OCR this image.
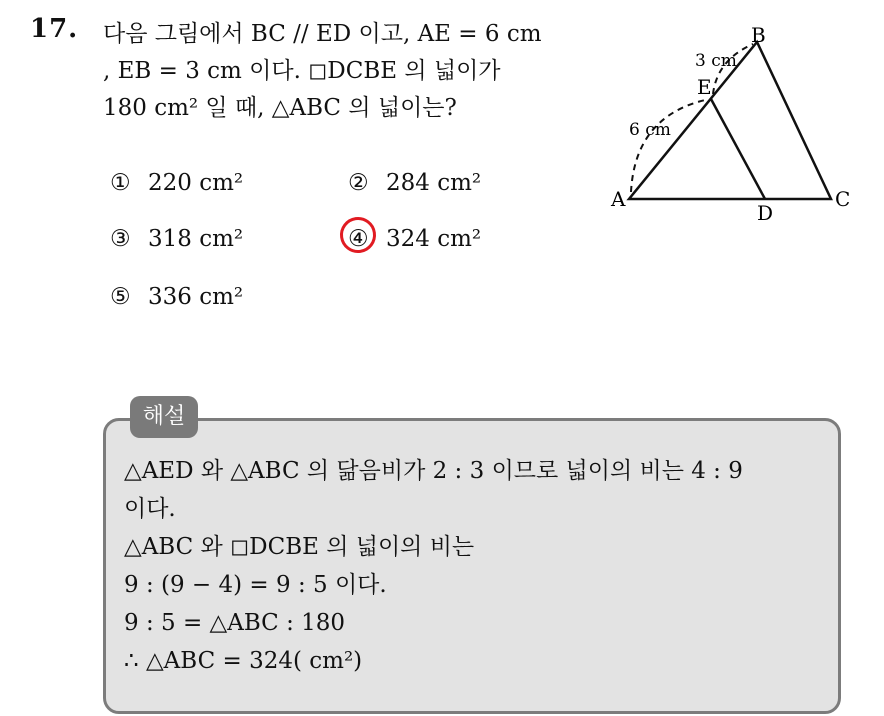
17. 다음 그림에서 BC // ED 이고, AE = 6 cm
, EB = 3 cm 이다. ◻DCBE 의 넓이가
180 cm² 일 때, △ABC 의 넓이는?
① 220 cm²	② 284 cm²
③ 318 cm²	④ 324 cm²
⑤ 336 cm²
A
B
C
D
E
3 cm
6 cm
해설
△AED 와 △ABC 의 닮음비가 2 : 3 이므로 넓이의 비는 4 : 9
이다.
△ABC 와 ◻DCBE 의 넓이의 비는
9 : (9 − 4) = 9 : 5 이다.
9 : 5 = △ABC : 180
∴ △ABC = 324( cm²)
